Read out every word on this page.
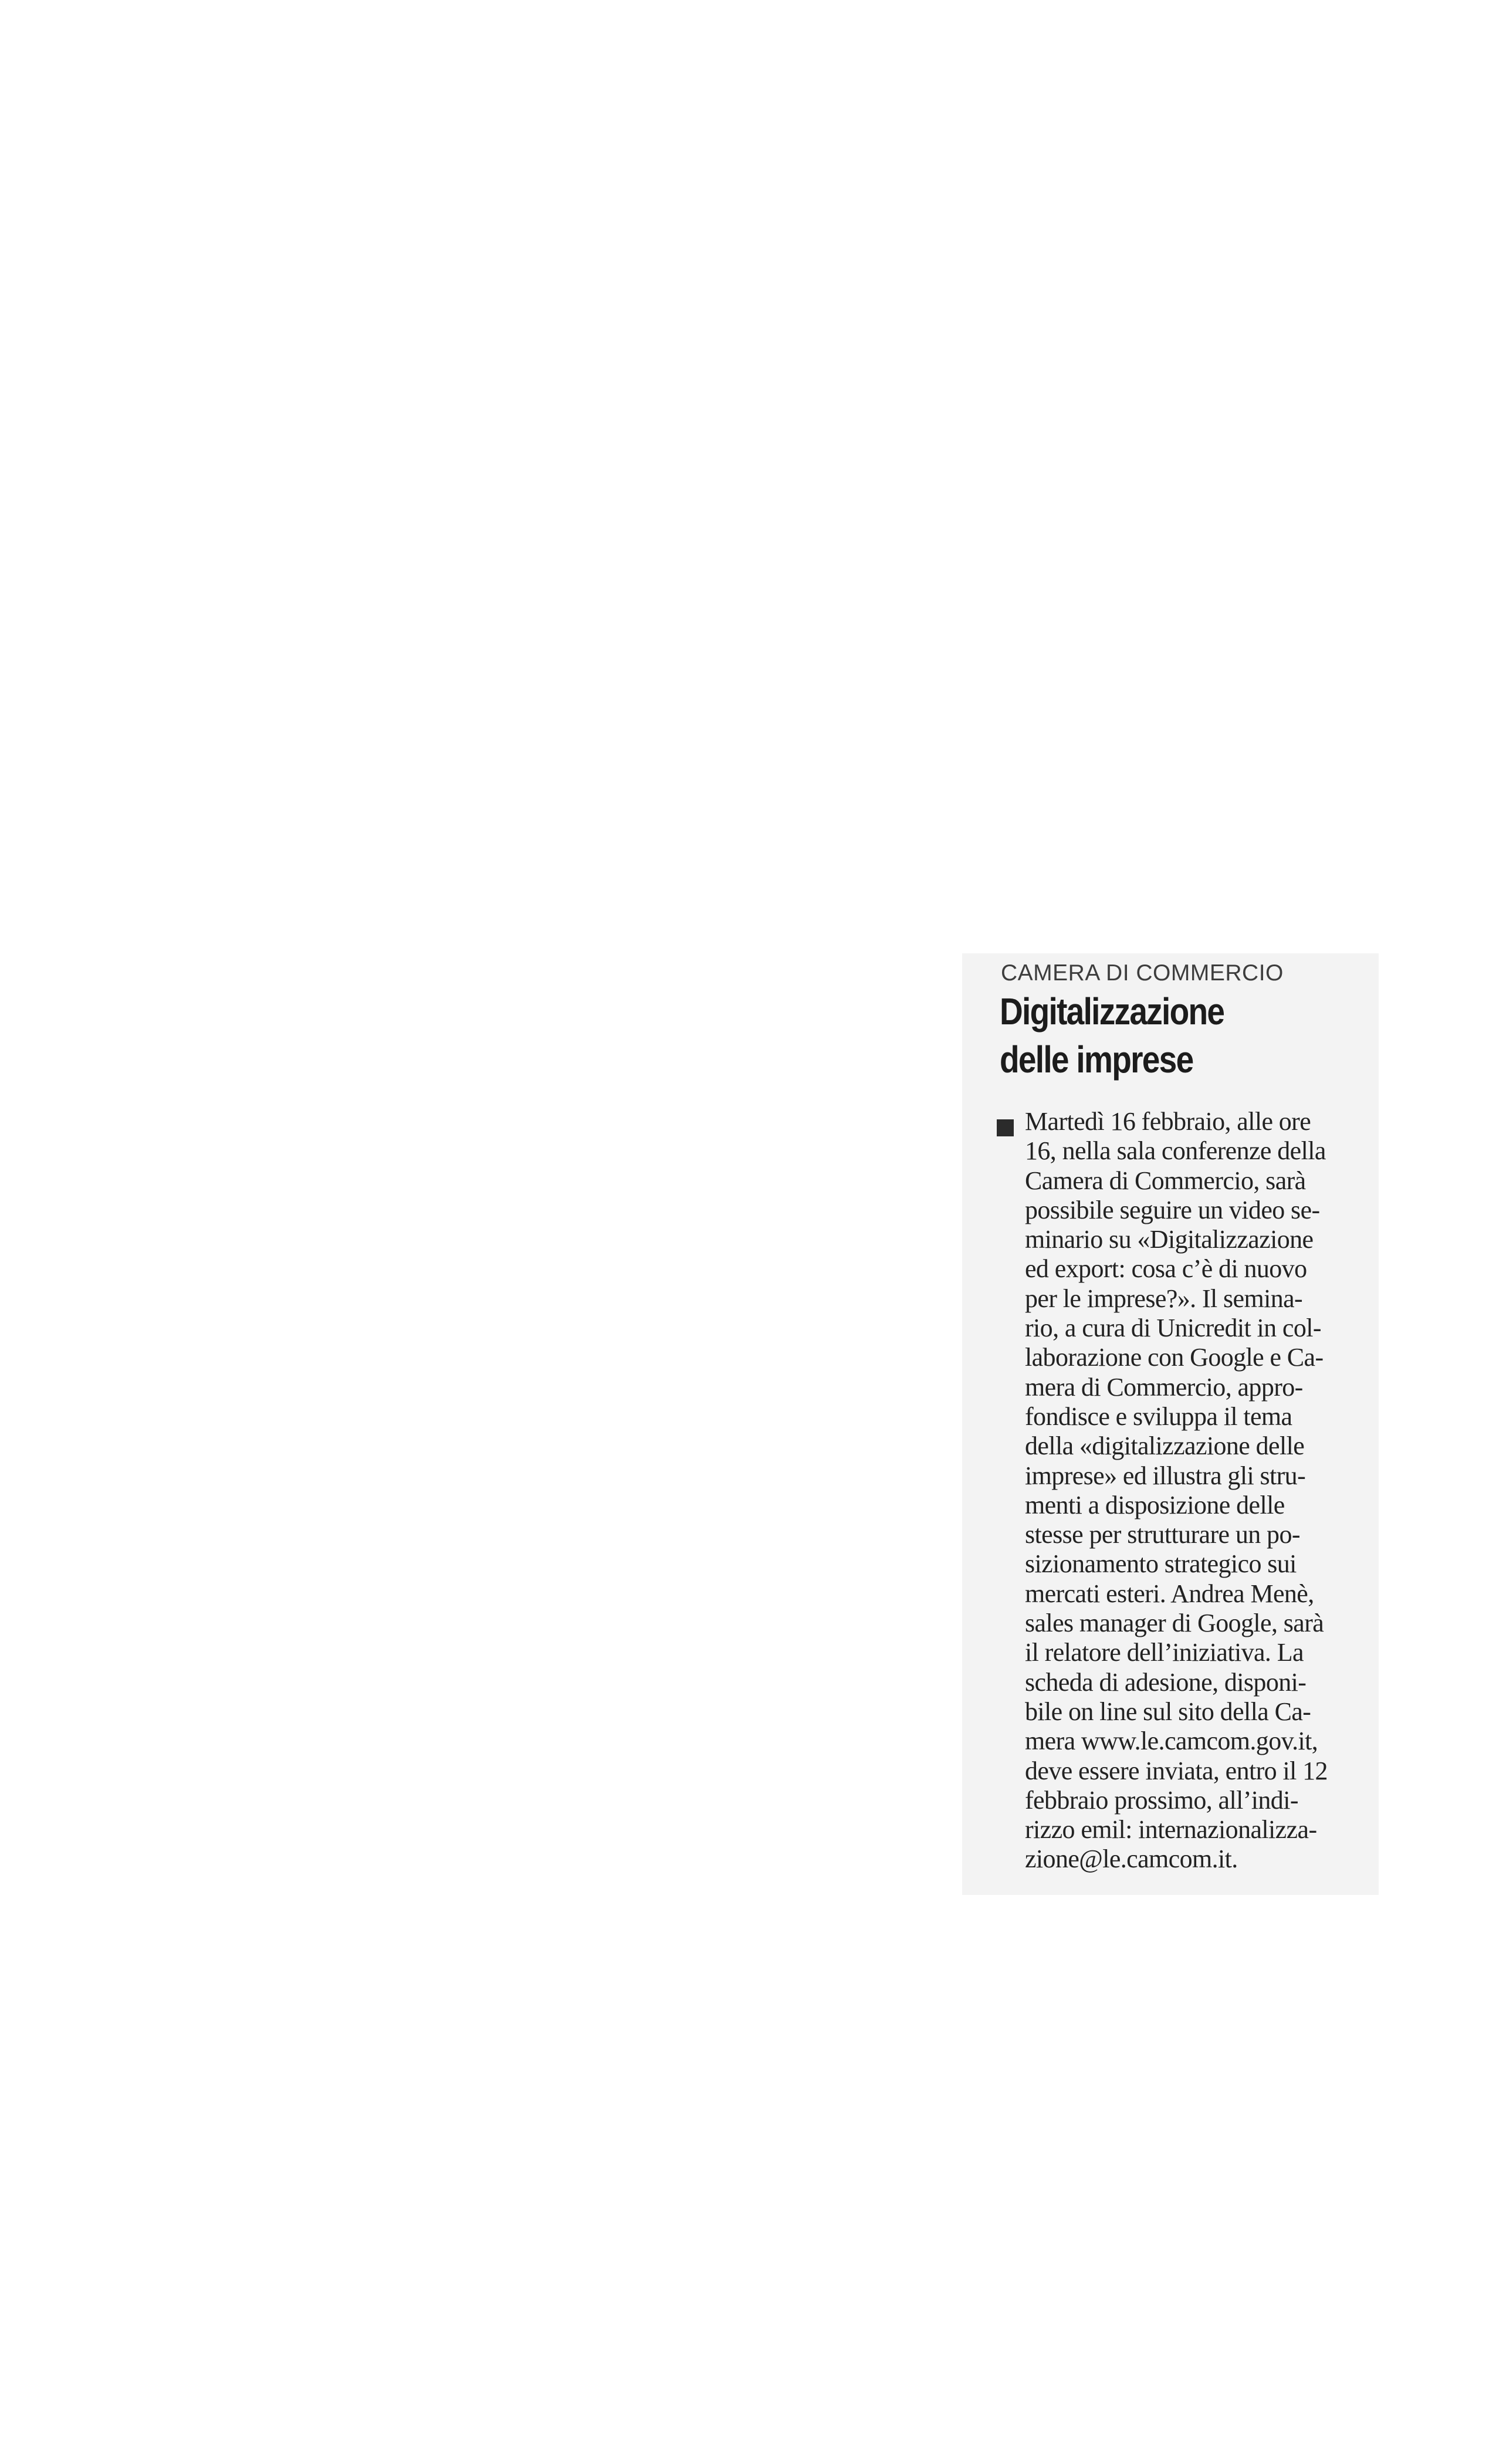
CAMERA DI COMMERCIO
Digitalizzazione
delle imprese
Martedì 16 febbraio, alle ore
16, nella sala conferenze della
Camera di Commercio, sarà
possibile seguire un video se-
minario su «Digitalizzazione
ed export: cosa c’è di nuovo
per le imprese?». Il semina-
rio, a cura di Unicredit in col-
laborazione con Google e Ca-
mera di Commercio, appro-
fondisce e sviluppa il tema
della «digitalizzazione delle
imprese» ed illustra gli stru-
menti a disposizione delle
stesse per strutturare un po-
sizionamento strategico sui
mercati esteri. Andrea Menè,
sales manager di Google, sarà
il relatore dell’iniziativa. La
scheda di adesione, disponi-
bile on line sul sito della Ca-
mera www.le.camcom.gov.it,
deve essere inviata, entro il 12
febbraio prossimo, all’indi-
rizzo emil: internazionalizza-
zione@le.camcom.it.
